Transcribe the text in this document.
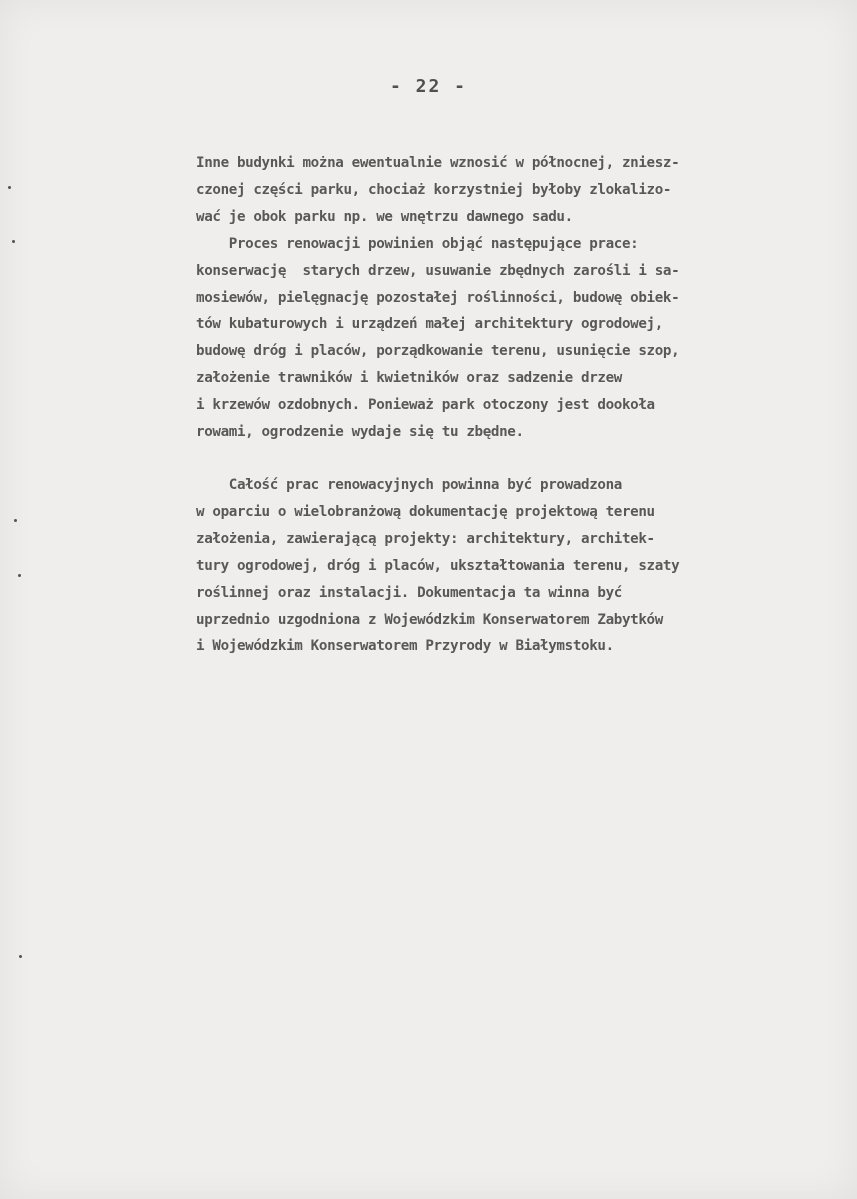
- 22 -

Inne budynki można ewentualnie wznosić w północnej, zniesz-

czonej części parku, chociaż korzystniej byłoby zlokalizo-

wać je obok parku np. we wnętrzu dawnego sadu.

Proces renowacji powinien objąć następujące prace:

konserwację  starych drzew, usuwanie zbędnych zarośli i sa-

mosiewów, pielęgnację pozostałej roślinności, budowę obiek-

tów kubaturowych i urządzeń małej architektury ogrodowej,

budowę dróg i placów, porządkowanie terenu, usunięcie szop,

założenie trawników i kwietników oraz sadzenie drzew

i krzewów ozdobnych. Ponieważ park otoczony jest dookoła

rowami, ogrodzenie wydaje się tu zbędne.

Całość prac renowacyjnych powinna być prowadzona

w oparciu o wielobranżową dokumentację projektową terenu

założenia, zawierającą projekty: architektury, architek-

tury ogrodowej, dróg i placów, ukształtowania terenu, szaty

roślinnej oraz instalacji. Dokumentacja ta winna być

uprzednio uzgodniona z Wojewódzkim Konserwatorem Zabytków

i Wojewódzkim Konserwatorem Przyrody w Białymstoku.
